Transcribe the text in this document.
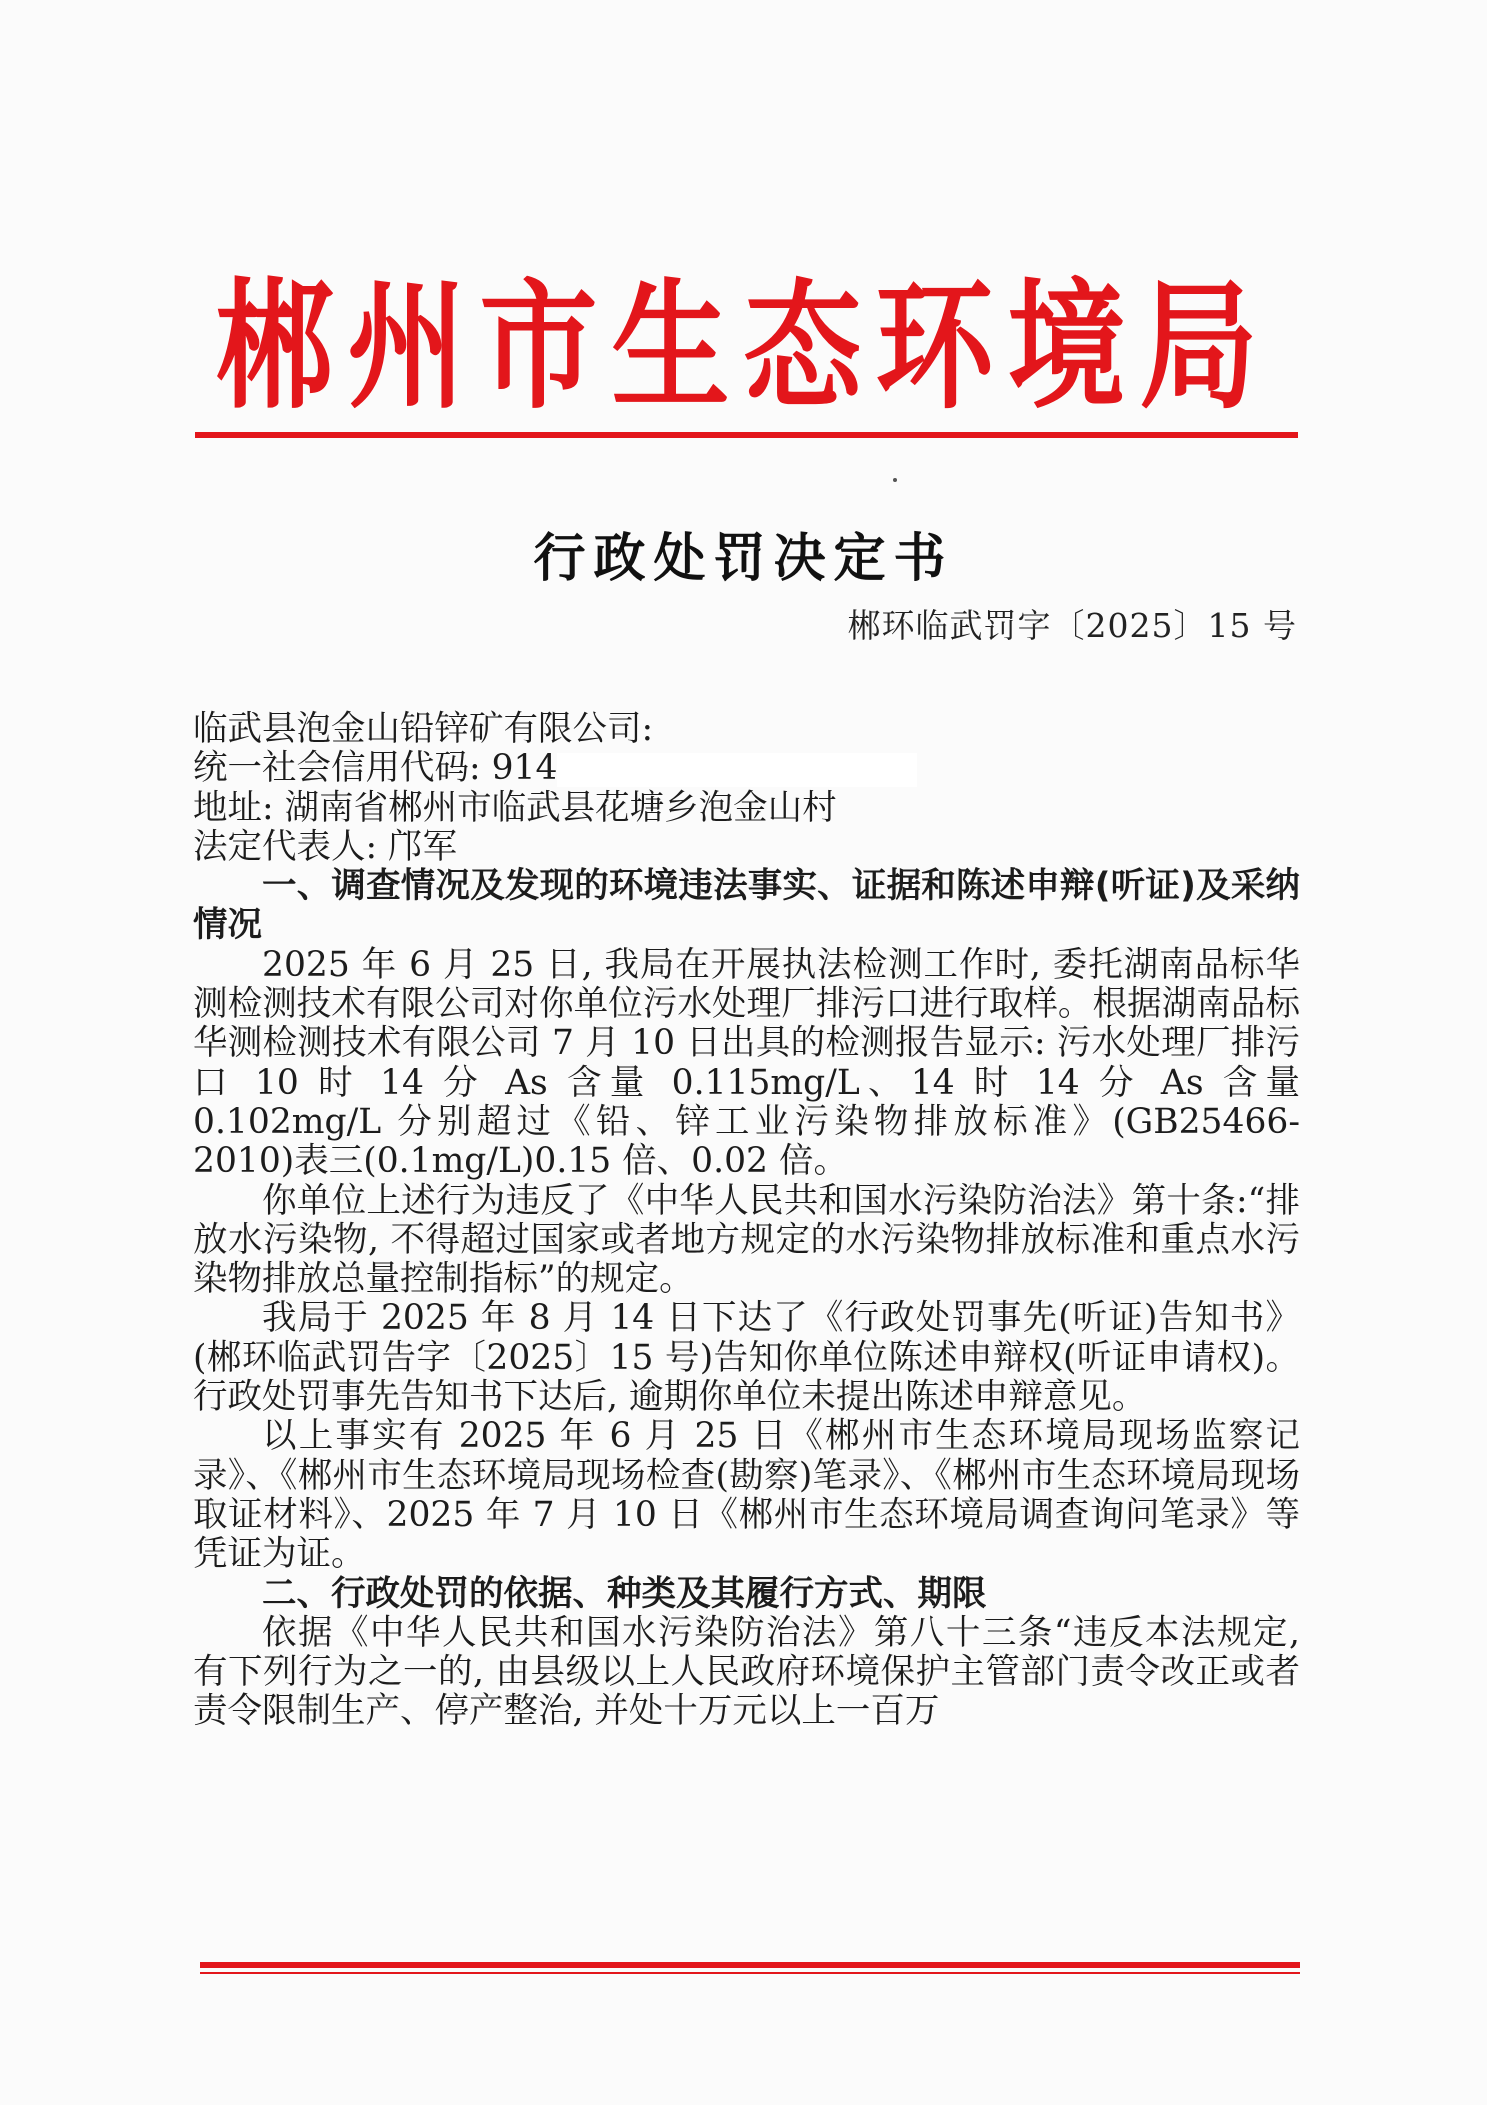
郴州市生态环境局
行政处罚决定书
郴环临武罚字〔2025〕15 号

临武县泡金山铅锌矿有限公司:

统一社会信用代码: 914

地址: 湖南省郴州市临武县花塘乡泡金山村

法定代表人: 邝军

一、调查情况及发现的环境违法事实、证据和陈述申辩(听证)及采纳情况

2025 年 6 月 25 日, 我局在开展执法检测工作时, 委托湖南品标华测检测技术有限公司对你单位污水处理厂排污口进行取样。根据湖南品标华测检测技术有限公司 7 月 10 日出具的检测报告显示: 污水处理厂排污口 10 时 14 分 As 含量 0.115mg/L、14 时 14 分 As 含量 0.102mg/L 分别超过《铅、锌工业污染物排放标准》(GB25466-2010)表三(0.1mg/L)0.15 倍、0.02 倍。

你单位上述行为违反了《中华人民共和国水污染防治法》第十条:“排放水污染物, 不得超过国家或者地方规定的水污染物排放标准和重点水污染物排放总量控制指标”的规定。

我局于 2025 年 8 月 14 日下达了《行政处罚事先(听证)告知书》(郴环临武罚告字〔2025〕15 号)告知你单位陈述申辩权(听证申请权)。行政处罚事先告知书下达后, 逾期你单位未提出陈述申辩意见。

以上事实有 2025 年 6 月 25 日《郴州市生态环境局现场监察记录》、《郴州市生态环境局现场检查(勘察)笔录》、《郴州市生态环境局现场取证材料》、2025 年 7 月 10 日《郴州市生态环境局调查询问笔录》等凭证为证。

二、行政处罚的依据、种类及其履行方式、期限

依据《中华人民共和国水污染防治法》第八十三条“违反本法规定, 有下列行为之一的, 由县级以上人民政府环境保护主管部门责令改正或者责令限制生产、停产整治, 并处十万元以上一百万
